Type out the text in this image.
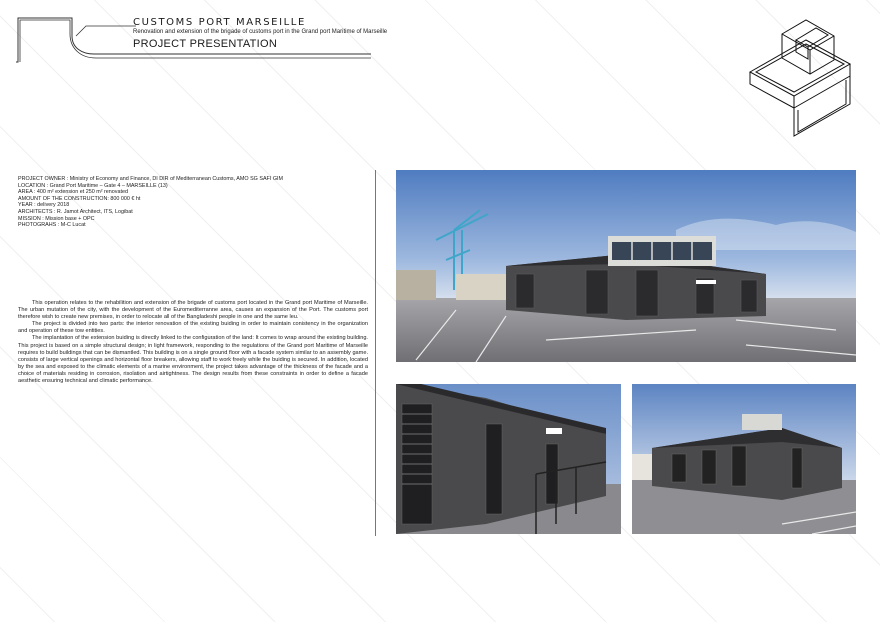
CUSTOMS PORT MARSEILLE
Renovation and extension of the brigade of customs port in the Grand port Maritime of Marseille
PROJECT PRESENTATION
PROJECT OWNER : Ministry of Economy and Finance, DI DIR of Mediterranean Customs, AMO SG SAFI GIM
LOCATION : Grand Port Maritime – Gate 4 – MARSEILLE (13)
AREA : 400 m² extension et 250 m² renovated
AMOUNT OF THE CONSTRUCTION: 800 000 € ht
YEAR : delivery 2018
ARCHITECTS : R. Jamot Architect, ITS, Logibat
MISSION : Mission base + OPC
PHOTOGRAHS : M-C Lucat

This operation relates to the rehabilition and extension of the brigade of customs port located in the Grand port Maritime of Marseille. The urban mutation of the city, with the development of the Euromediterranne area, causes an expansion of the Port. The customs port therefore wish to create new premises, in order to relocate all of the Bangladeshi people in one and the same leu.

The project is divided into two parts: the interior renovation of the existing buiding in order to maintain conistency in the organization and operation of these tow entities.

The implantation of the extension buiding is directly linked to the configuration of the land: It comes to wrap around the existing building. This project is based on a simple structural design; in light framework, responding to the regulations of the Grand port Maritime of Marseille requires to build buildings that can be dismantled. This building is on a single ground floor with a facade system similar to an assembly game. consists of large vertical openings and horizontal floor breakers, allowing staff to work freely while the buiding is secured. In addition, located by the sea and exposed to the climatic elements of a marine environment, the project takes advantage of the thickness of the facade and a choice of materials residing in corrosion, risolation and airtightness. The design results from these constraints in order to define a facade aesthetic ensuring technical and climatic performance.
